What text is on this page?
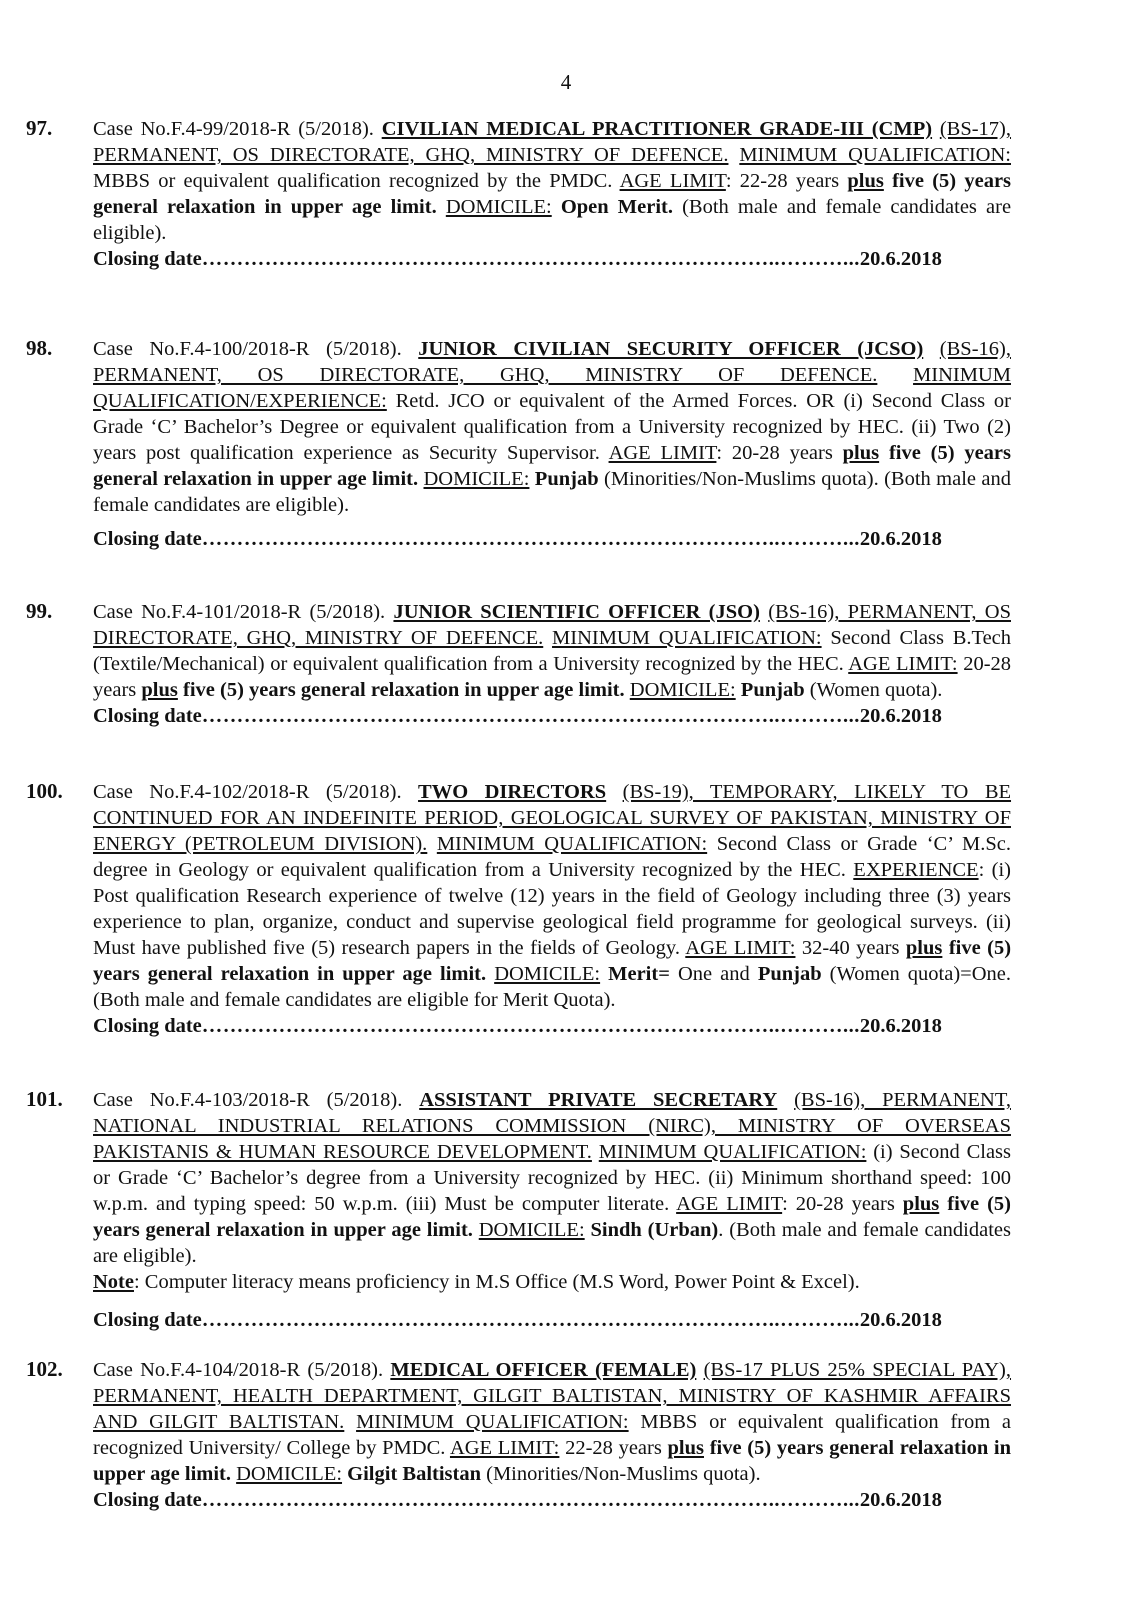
4
97. Case No.F.4-99/2018-R (5/2018). CIVILIAN MEDICAL PRACTITIONER GRADE-III (CMP) (BS-17), PERMANENT, OS DIRECTORATE, GHQ, MINISTRY OF DEFENCE. MINIMUM QUALIFICATION: MBBS or equivalent qualification recognized by the PMDC. AGE LIMIT: 22-28 years plus five (5) years general relaxation in upper age limit. DOMICILE: Open Merit. (Both male and female candidates are eligible).
Closing date………………………………………………………………………..………...20.6.2018
98. Case No.F.4-100/2018-R (5/2018). JUNIOR CIVILIAN SECURITY OFFICER (JCSO) (BS-16), PERMANENT, OS DIRECTORATE, GHQ, MINISTRY OF DEFENCE. MINIMUM QUALIFICATION/EXPERIENCE: Retd. JCO or equivalent of the Armed Forces. OR (i) Second Class or Grade ‘C’ Bachelor’s Degree or equivalent qualification from a University recognized by HEC. (ii) Two (2) years post qualification experience as Security Supervisor. AGE LIMIT: 20-28 years plus five (5) years general relaxation in upper age limit. DOMICILE: Punjab (Minorities/Non-Muslims quota). (Both male and female candidates are eligible).
Closing date………………………………………………………………………..………...20.6.2018
99. Case No.F.4-101/2018-R (5/2018). JUNIOR SCIENTIFIC OFFICER (JSO) (BS-16), PERMANENT, OS DIRECTORATE, GHQ, MINISTRY OF DEFENCE. MINIMUM QUALIFICATION: Second Class B.Tech (Textile/Mechanical) or equivalent qualification from a University recognized by the HEC. AGE LIMIT: 20-28 years plus five (5) years general relaxation in upper age limit. DOMICILE: Punjab (Women quota).
Closing date………………………………………………………………………..………...20.6.2018
100. Case No.F.4-102/2018-R (5/2018). TWO DIRECTORS (BS-19), TEMPORARY, LIKELY TO BE CONTINUED FOR AN INDEFINITE PERIOD, GEOLOGICAL SURVEY OF PAKISTAN, MINISTRY OF ENERGY (PETROLEUM DIVISION). MINIMUM QUALIFICATION: Second Class or Grade ‘C’ M.Sc. degree in Geology or equivalent qualification from a University recognized by the HEC. EXPERIENCE: (i) Post qualification Research experience of twelve (12) years in the field of Geology including three (3) years experience to plan, organize, conduct and supervise geological field programme for geological surveys. (ii) Must have published five (5) research papers in the fields of Geology. AGE LIMIT: 32-40 years plus five (5) years general relaxation in upper age limit. DOMICILE: Merit= One and Punjab (Women quota)=One. (Both male and female candidates are eligible for Merit Quota).
Closing date………………………………………………………………………..………...20.6.2018
101. Case No.F.4-103/2018-R (5/2018). ASSISTANT PRIVATE SECRETARY (BS-16), PERMANENT, NATIONAL INDUSTRIAL RELATIONS COMMISSION (NIRC), MINISTRY OF OVERSEAS PAKISTANIS & HUMAN RESOURCE DEVELOPMENT. MINIMUM QUALIFICATION: (i) Second Class or Grade ‘C’ Bachelor’s degree from a University recognized by HEC. (ii) Minimum shorthand speed: 100 w.p.m. and typing speed: 50 w.p.m. (iii) Must be computer literate. AGE LIMIT: 20-28 years plus five (5) years general relaxation in upper age limit. DOMICILE: Sindh (Urban). (Both male and female candidates are eligible).
Note: Computer literacy means proficiency in M.S Office (M.S Word, Power Point & Excel).
Closing date………………………………………………………………………..………...20.6.2018
102. Case No.F.4-104/2018-R (5/2018). MEDICAL OFFICER (FEMALE) (BS-17 PLUS 25% SPECIAL PAY), PERMANENT, HEALTH DEPARTMENT, GILGIT BALTISTAN, MINISTRY OF KASHMIR AFFAIRS AND GILGIT BALTISTAN. MINIMUM QUALIFICATION: MBBS or equivalent qualification from a recognized University/ College by PMDC. AGE LIMIT: 22-28 years plus five (5) years general relaxation in upper age limit. DOMICILE: Gilgit Baltistan (Minorities/Non-Muslims quota).
Closing date………………………………………………………………………..………...20.6.2018
